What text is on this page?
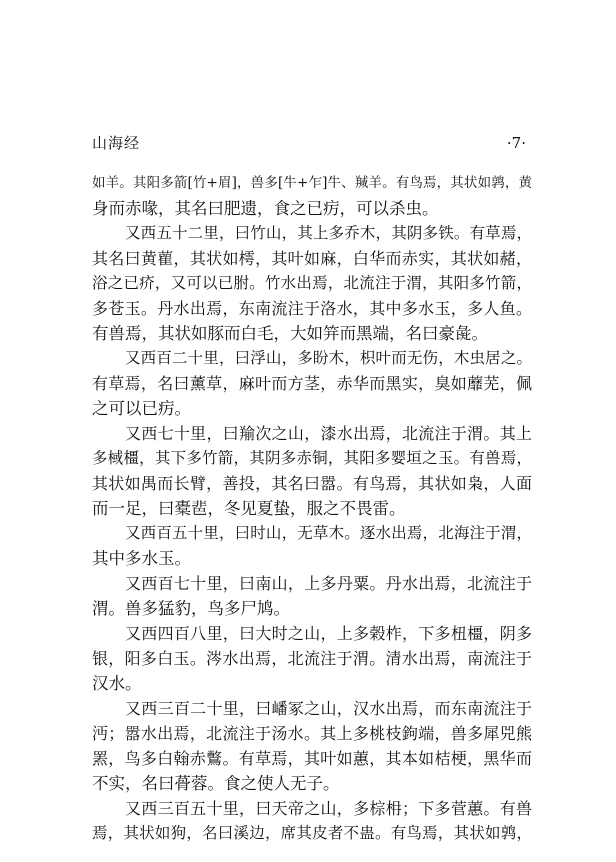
山海经	·7·
如羊。其阳多箭[竹+眉]，兽多[牛+乍]牛、羬羊。有鸟焉，其状如鹑，黄
身而赤喙，其名曰肥遗，食之已疠，可以杀虫。
又西五十二里，曰竹山，其上多乔木，其阴多铁。有草焉，
其名曰黄雚，其状如樗，其叶如麻，白华而赤实，其状如赭，
浴之已疥，又可以已胕。竹水出焉，北流注于渭，其阳多竹箭，
多苍玉。丹水出焉，东南流注于洛水，其中多水玉，多人鱼。
有兽焉，其状如豚而白毛，大如笄而黑端，名曰豪彘。
又西百二十里，曰浮山，多盼木，枳叶而无伤，木虫居之。
有草焉，名曰薰草，麻叶而方茎，赤华而黑实，臭如蘼芜，佩
之可以已疠。
又西七十里，曰羭次之山，漆水出焉，北流注于渭。其上
多棫橿，其下多竹箭，其阴多赤铜，其阳多婴垣之玉。有兽焉，
其状如禺而长臂，善投，其名曰嚣。有鸟焉，其状如枭，人面
而一足，曰橐𩇯，冬见夏蛰，服之不畏雷。
又西百五十里，曰时山，无草木。逐水出焉，北海注于渭，
其中多水玉。
又西百七十里，曰南山，上多丹粟。丹水出焉，北流注于
渭。兽多猛豹，鸟多尸鸠。
又西四百八里，曰大时之山，上多榖柞，下多杻橿，阴多
银，阳多白玉。涔水出焉，北流注于渭。清水出焉，南流注于
汉水。
又西三百二十里，曰嶓冢之山，汉水出焉，而东南流注于
沔；嚣水出焉，北流注于汤水。其上多桃枝鉤端，兽多犀兕熊
罴，鸟多白翰赤鷩。有草焉，其叶如蕙，其本如桔梗，黑华而
不实，名曰蓇蓉。食之使人无子。
又西三百五十里，曰天帝之山，多棕枏；下多菅蕙。有兽
焉，其状如狗，名曰溪边，席其皮者不蛊。有鸟焉，其状如鹑，
